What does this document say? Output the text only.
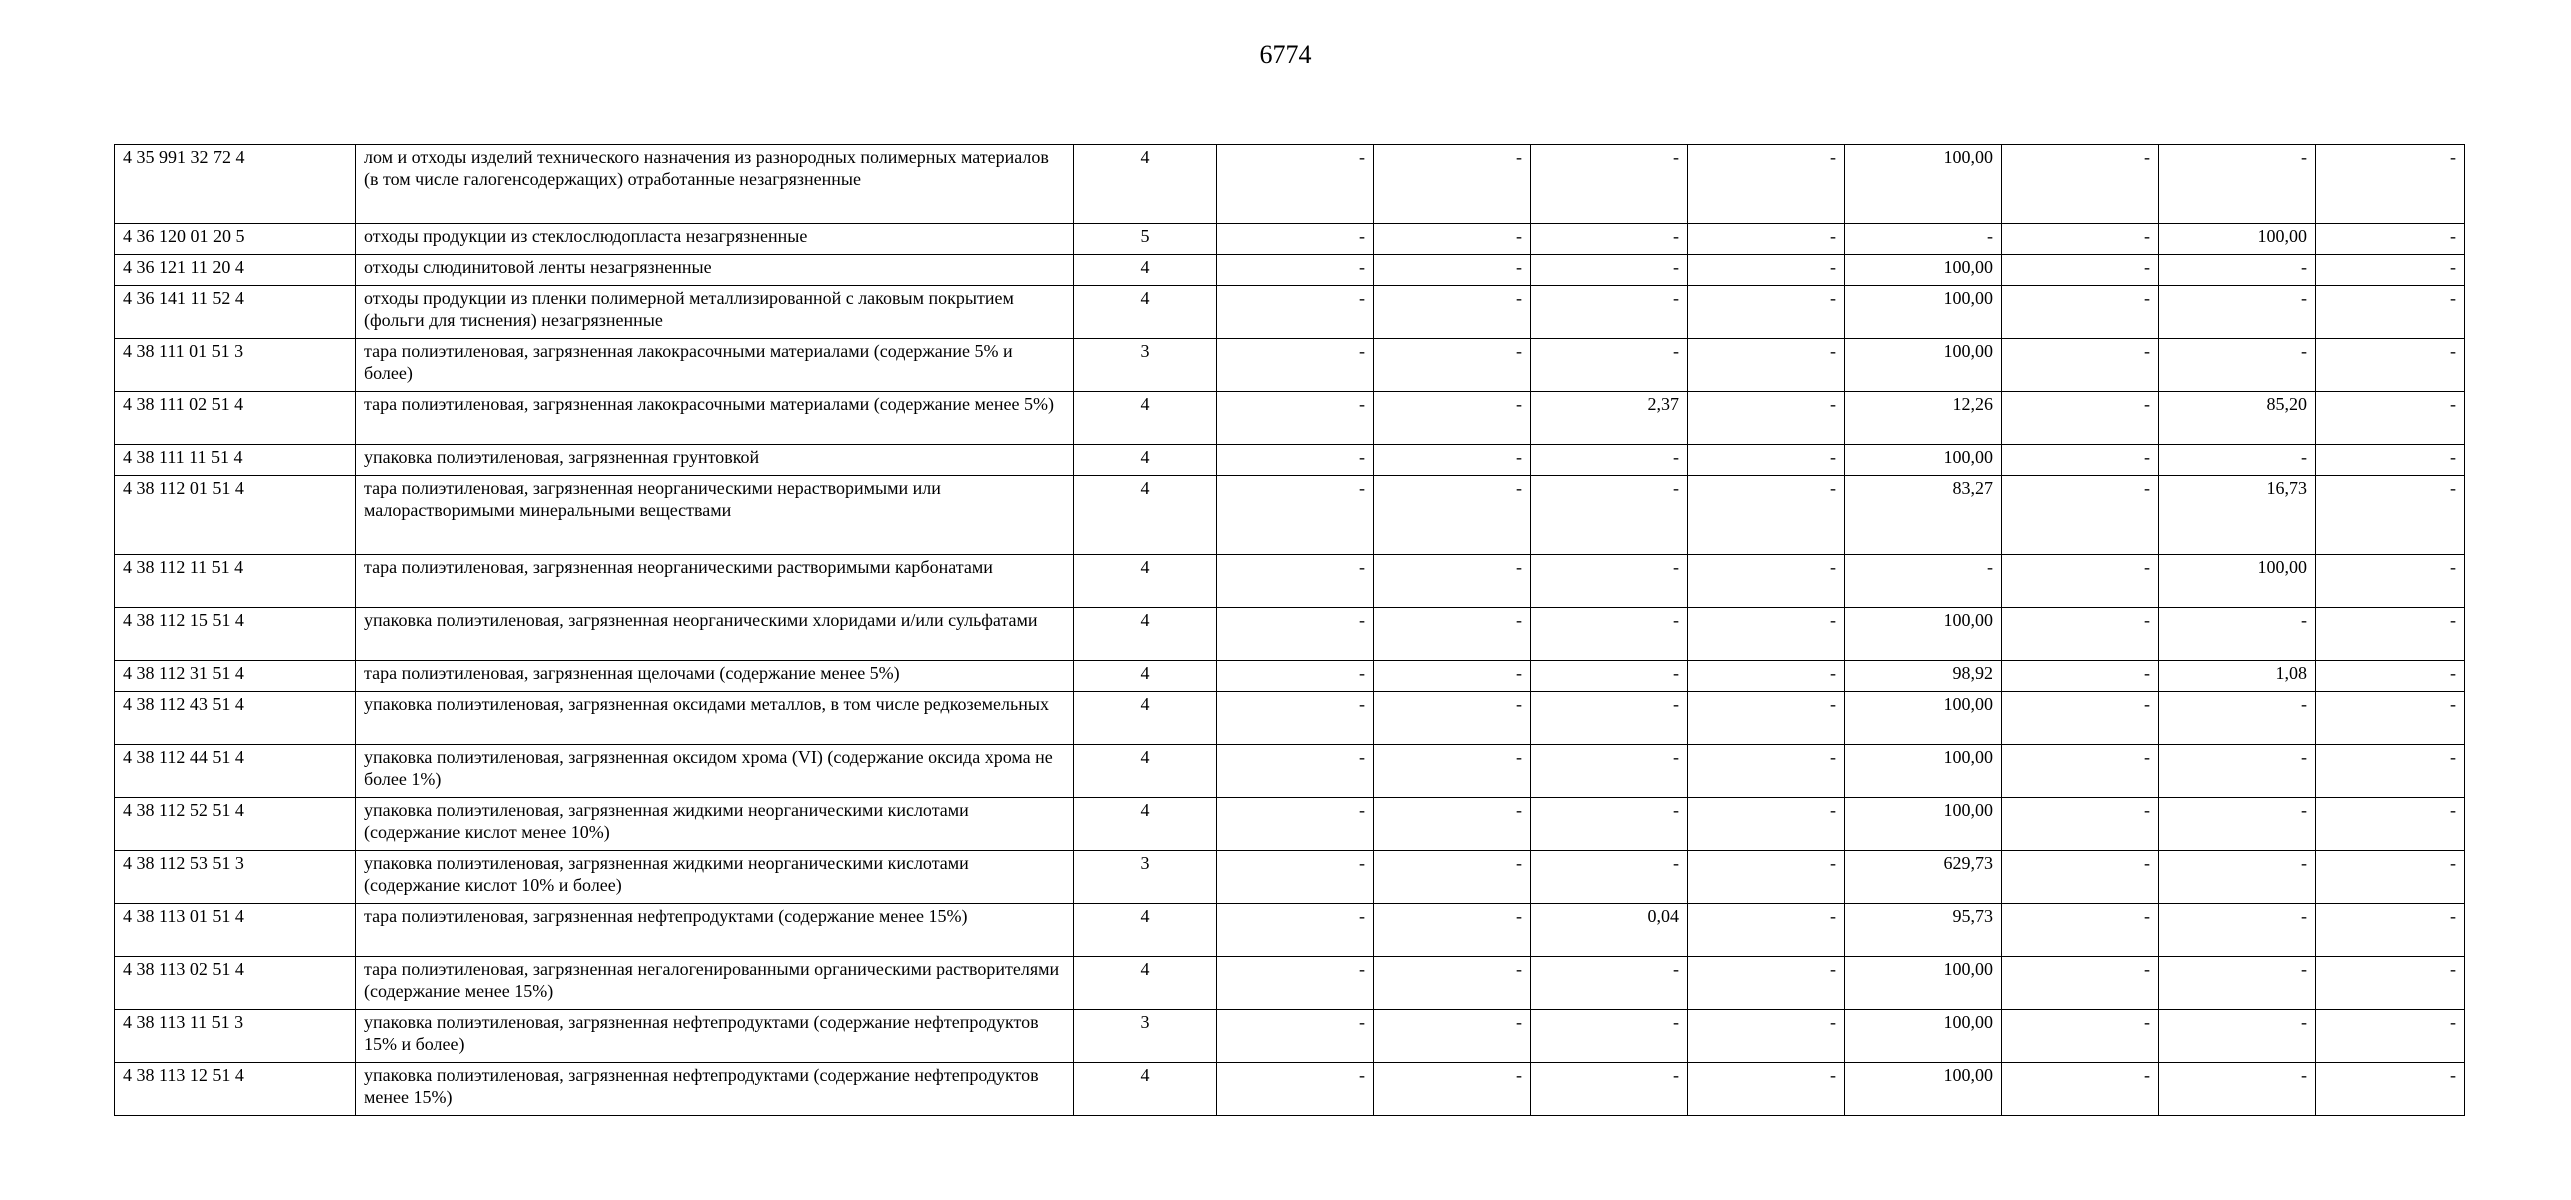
6774
4 35 991 32 72 4	лом и отходы изделий технического назначения из разнородных полимерных материалов (в том числе галогенсодержащих) отработанные незагрязненные	4	-	-	-	-	100,00	-	-	-
4 36 120 01 20 5	отходы продукции из стеклослюдопласта незагрязненные	5	-	-	-	-	-	-	100,00	-
4 36 121 11 20 4	отходы слюдинитовой ленты незагрязненные	4	-	-	-	-	100,00	-	-	-
4 36 141 11 52 4	отходы продукции из пленки полимерной металлизированной с лаковым покрытием (фольги для тиснения) незагрязненные	4	-	-	-	-	100,00	-	-	-
4 38 111 01 51 3	тара полиэтиленовая, загрязненная лакокрасочными материалами (содержание 5% и более)	3	-	-	-	-	100,00	-	-	-
4 38 111 02 51 4	тара полиэтиленовая, загрязненная лакокрасочными материалами (содержание менее 5%)	4	-	-	2,37	-	12,26	-	85,20	-
4 38 111 11 51 4	упаковка полиэтиленовая, загрязненная грунтовкой	4	-	-	-	-	100,00	-	-	-
4 38 112 01 51 4	тара полиэтиленовая, загрязненная неорганическими нерастворимыми или малорастворимыми минеральными веществами	4	-	-	-	-	83,27	-	16,73	-
4 38 112 11 51 4	тара полиэтиленовая, загрязненная неорганическими растворимыми карбонатами	4	-	-	-	-	-	-	100,00	-
4 38 112 15 51 4	упаковка полиэтиленовая, загрязненная неорганическими хлоридами и/или сульфатами	4	-	-	-	-	100,00	-	-	-
4 38 112 31 51 4	тара полиэтиленовая, загрязненная щелочами (содержание менее 5%)	4	-	-	-	-	98,92	-	1,08	-
4 38 112 43 51 4	упаковка полиэтиленовая, загрязненная оксидами металлов, в том числе редкоземельных	4	-	-	-	-	100,00	-	-	-
4 38 112 44 51 4	упаковка полиэтиленовая, загрязненная оксидом хрома (VI) (содержание оксида хрома не более 1%)	4	-	-	-	-	100,00	-	-	-
4 38 112 52 51 4	упаковка полиэтиленовая, загрязненная жидкими неорганическими кислотами (содержание кислот менее 10%)	4	-	-	-	-	100,00	-	-	-
4 38 112 53 51 3	упаковка полиэтиленовая, загрязненная жидкими неорганическими кислотами (содержание кислот 10% и более)	3	-	-	-	-	629,73	-	-	-
4 38 113 01 51 4	тара полиэтиленовая, загрязненная нефтепродуктами (содержание менее 15%)	4	-	-	0,04	-	95,73	-	-	-
4 38 113 02 51 4	тара полиэтиленовая, загрязненная негалогенированными органическими растворителями (содержание менее 15%)	4	-	-	-	-	100,00	-	-	-
4 38 113 11 51 3	упаковка полиэтиленовая, загрязненная нефтепродуктами (содержание нефтепродуктов 15% и более)	3	-	-	-	-	100,00	-	-	-
4 38 113 12 51 4	упаковка полиэтиленовая, загрязненная нефтепродуктами (содержание нефтепродуктов менее 15%)	4	-	-	-	-	100,00	-	-	-
